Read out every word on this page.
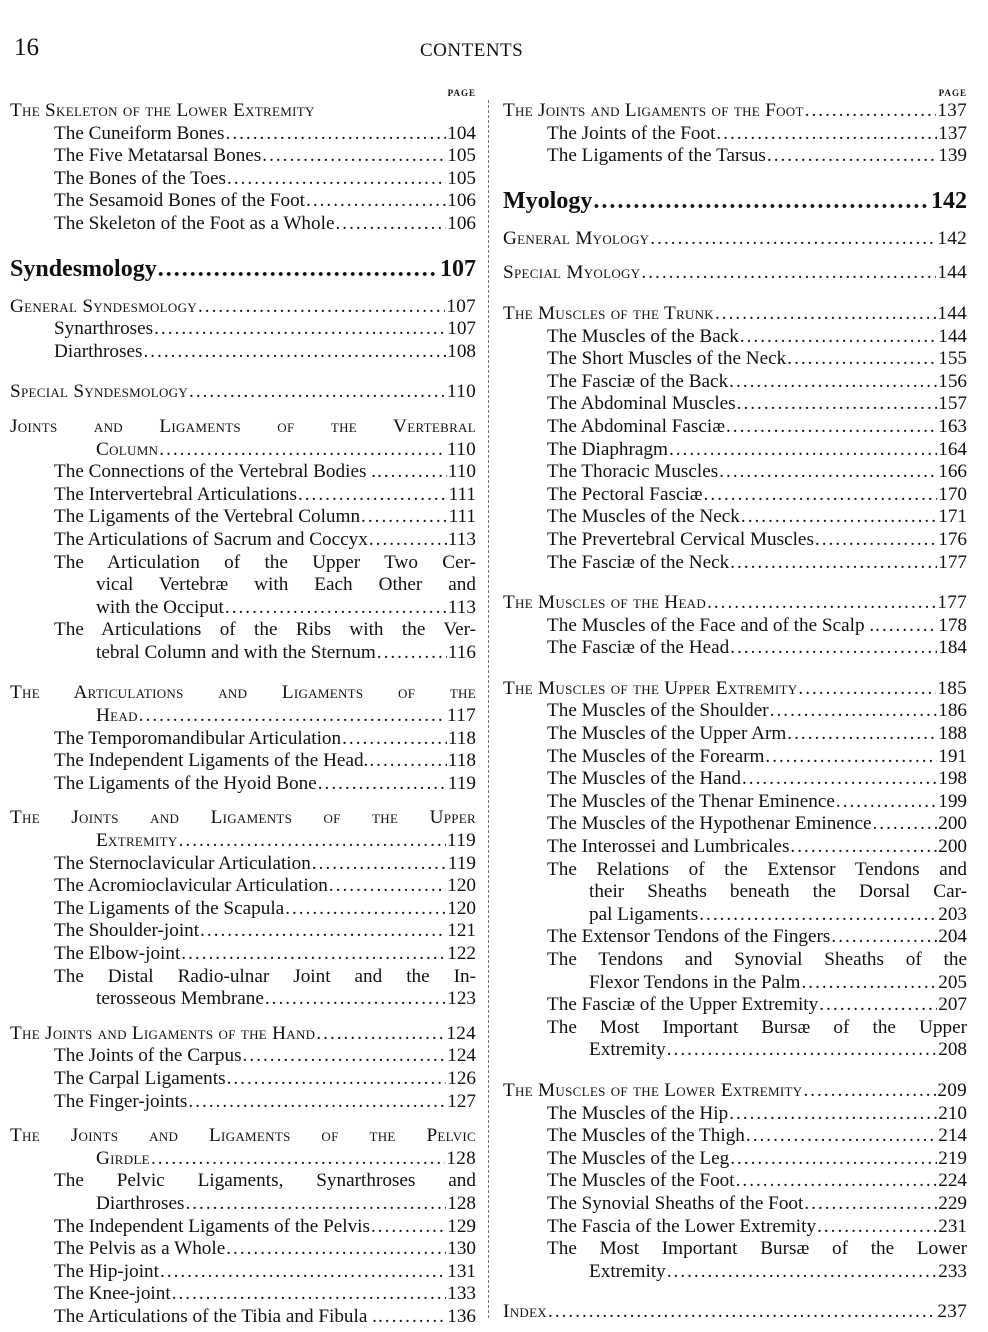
16	CONTENTS
PAGE
The Skeleton of the Lower Extremity
The Cuneiform Bones .....	104
The Five Metatarsal Bones .....	105
The Bones of the Toes .....	105
The Sesamoid Bones of the Foot .....	106
The Skeleton of the Foot as a Whole .....	106
Syndesmology .....	107
General Syndesmology .....	107
Synarthroses .....	107
Diarthroses .....	108
Special Syndesmology .....	110
Joints and Ligaments of the Vertebral
Column .....	110
The Connections of the Vertebral Bodies . .....	110
The Intervertebral Articulations .....	111
The Ligaments of the Vertebral Column .....	111
The Articulations of Sacrum and Coccyx .....	113
The Articulation of the Upper Two Cer-
vical Vertebræ with Each Other and
with the Occiput .....	113
The Articulations of the Ribs with the Ver-
tebral Column and with the Sternum .....	116
The Articulations and Ligaments of the
Head .....	117
The Temporomandibular Articulation .....	118
The Independent Ligaments of the Head. .....	118
The Ligaments of the Hyoid Bone .....	119
The Joints and Ligaments of the Upper
Extremity .....	119
The Sternoclavicular Articulation .....	119
The Acromioclavicular Articulation .....	120
The Ligaments of the Scapula .....	120
The Shoulder-joint .....	121
The Elbow-joint .....	122
The Distal Radio-ulnar Joint and the In-
terosseous Membrane .....	123
The Joints and Ligaments of the Hand .....	124
The Joints of the Carpus .....	124
The Carpal Ligaments .....	126
The Finger-joints .....	127
The Joints and Ligaments of the Pelvic
Girdle .....	128
The Pelvic Ligaments, Synarthroses and
Diarthroses .....	128
The Independent Ligaments of the Pelvis .....	129
The Pelvis as a Whole .....	130
The Hip-joint .....	131
The Knee-joint .....	133
The Articulations of the Tibia and Fibula . .....	136
PAGE
The Joints and Ligaments of the Foot .....	137
The Joints of the Foot .....	137
The Ligaments of the Tarsus .....	139
Myology .....	142
General Myology .....	142
Special Myology .....	144
The Muscles of the Trunk .....	144
The Muscles of the Back .....	144
The Short Muscles of the Neck .....	155
The Fasciæ of the Back .....	156
The Abdominal Muscles .....	157
The Abdominal Fasciæ .....	163
The Diaphragm .....	164
The Thoracic Muscles .....	166
The Pectoral Fasciæ .....	170
The Muscles of the Neck .....	171
The Prevertebral Cervical Muscles .....	176
The Fasciæ of the Neck .....	177
The Muscles of the Head .....	177
The Muscles of the Face and of the Scalp . .....	178
The Fasciæ of the Head .....	184
The Muscles of the Upper Extremity .....	185
The Muscles of the Shoulder .....	186
The Muscles of the Upper Arm .....	188
The Muscles of the Forearm .....	191
The Muscles of the Hand .....	198
The Muscles of the Thenar Eminence .....	199
The Muscles of the Hypothenar Eminence .....	200
The Interossei and Lumbricales .....	200
The Relations of the Extensor Tendons and
their Sheaths beneath the Dorsal Car-
pal Ligaments .....	203
The Extensor Tendons of the Fingers .....	204
The Tendons and Synovial Sheaths of the
Flexor Tendons in the Palm .....	205
The Fasciæ of the Upper Extremity .....	207
The Most Important Bursæ of the Upper
Extremity .....	208
The Muscles of the Lower Extremity .....	209
The Muscles of the Hip .....	210
The Muscles of the Thigh .....	214
The Muscles of the Leg .....	219
The Muscles of the Foot .....	224
The Synovial Sheaths of the Foot .....	229
The Fascia of the Lower Extremity .....	231
The Most Important Bursæ of the Lower
Extremity .....	233
Index .....	237
